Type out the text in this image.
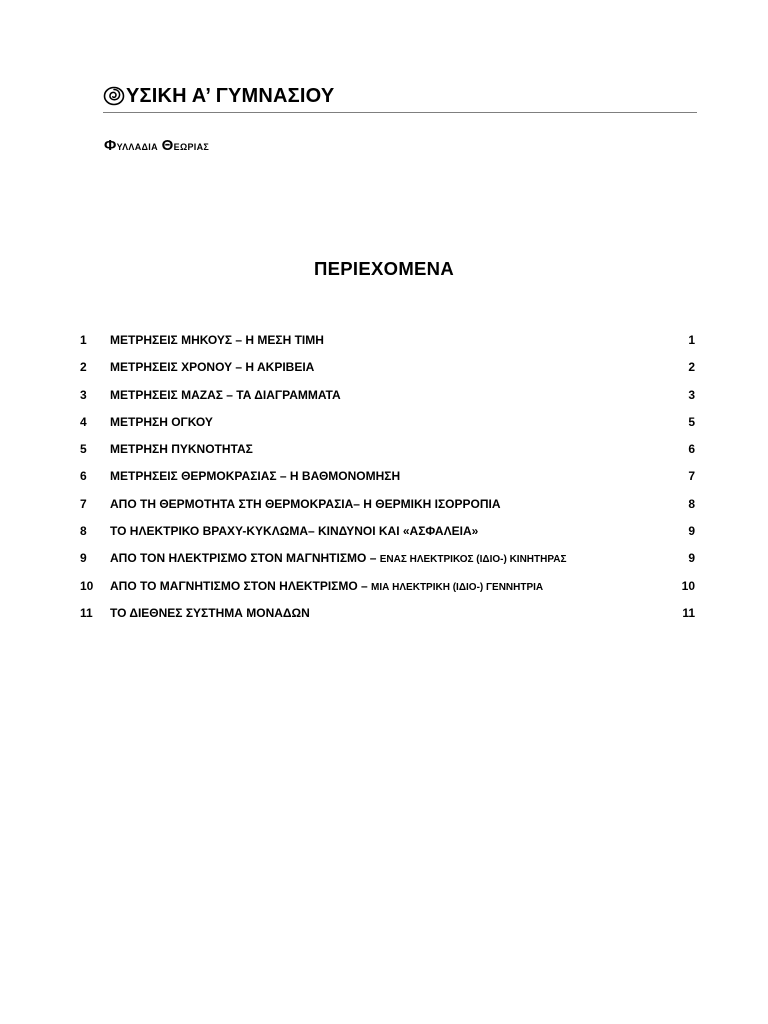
ΥΣΙΚΗ Α’ ΓΥΜΝΑΣΙΟΥ
Φυλλαδια Θεωριας
ΠΕΡΙΕΧΟΜΕΝΑ
1	ΜΕΤΡΗΣΕΙΣ ΜΗΚΟΥΣ – Η ΜΕΣΗ ΤΙΜΗ	1
2	ΜΕΤΡΗΣΕΙΣ ΧΡΟΝΟΥ – Η ΑΚΡΙΒΕΙΑ	2
3	ΜΕΤΡΗΣΕΙΣ ΜΑΖΑΣ – ΤΑ ΔΙΑΓΡΑΜΜΑΤΑ	3
4	ΜΕΤΡΗΣΗ ΟΓΚΟΥ	5
5	ΜΕΤΡΗΣΗ ΠΥΚΝΟΤΗΤΑΣ	6
6	ΜΕΤΡΗΣΕΙΣ ΘΕΡΜΟΚΡΑΣΙΑΣ – Η ΒΑΘΜΟΝΟΜΗΣΗ	7
7	ΑΠΟ ΤΗ ΘΕΡΜΟΤΗΤΑ ΣΤΗ ΘΕΡΜΟΚΡΑΣΙΑ– Η ΘΕΡΜΙΚΗ ΙΣΟΡΡΟΠΙΑ	8
8	ΤΟ ΗΛΕΚΤΡΙΚΟ ΒΡΑΧΥ-ΚΥΚΛΩΜΑ– ΚΙΝΔΥΝΟΙ ΚΑΙ «ΑΣΦΑΛΕΙΑ»	9
9	ΑΠΟ ΤΟΝ ΗΛΕΚΤΡΙΣΜΟ ΣΤΟΝ ΜΑΓΝΗΤΙΣΜΟ – ΕΝΑΣ ΗΛΕΚΤΡΙΚΟΣ (ΙΔΙΟ-) ΚΙΝΗΤΗΡΑΣ	9
10	ΑΠΟ ΤΟ ΜΑΓΝΗΤΙΣΜΟ ΣΤΟΝ ΗΛΕΚΤΡΙΣΜΟ – ΜΙΑ ΗΛΕΚΤΡΙΚΗ (ΙΔΙΟ-) ΓΕΝΝΗΤΡΙΑ	10
11	ΤΟ ΔΙΕΘΝΕΣ ΣΥΣΤΗΜΑ ΜΟΝΑΔΩΝ	11
